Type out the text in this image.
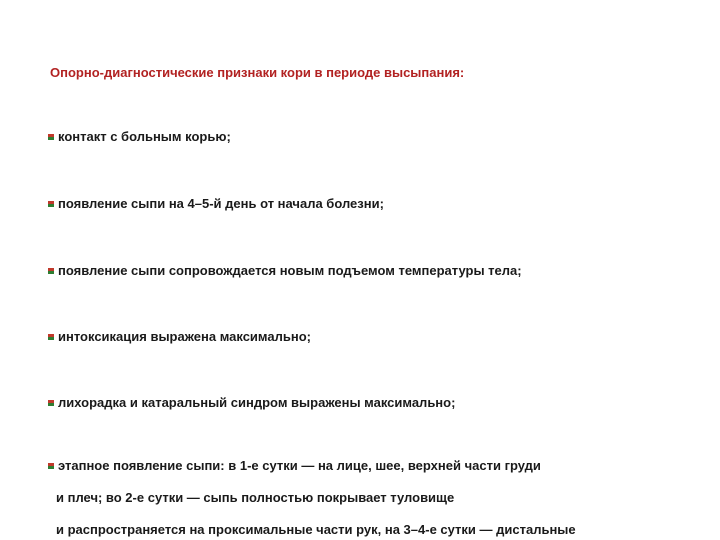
Опорно-диагностические признаки кори в периоде высыпания:
контакт с больным корью;
появление сыпи на 4–5-й день от начала болезни;
появление сыпи сопровождается новым подъемом температуры тела;
интоксикация выражена максимально;
лихорадка и катаральный синдром выражены максимально;
этапное появление сыпи: в 1-е сутки — на лице, шее, верхней части груди
и плеч; во 2-е сутки — сыпь полностью покрывает туловище
и распространяется на проксимальные части рук, на 3–4-е сутки — дистальные
